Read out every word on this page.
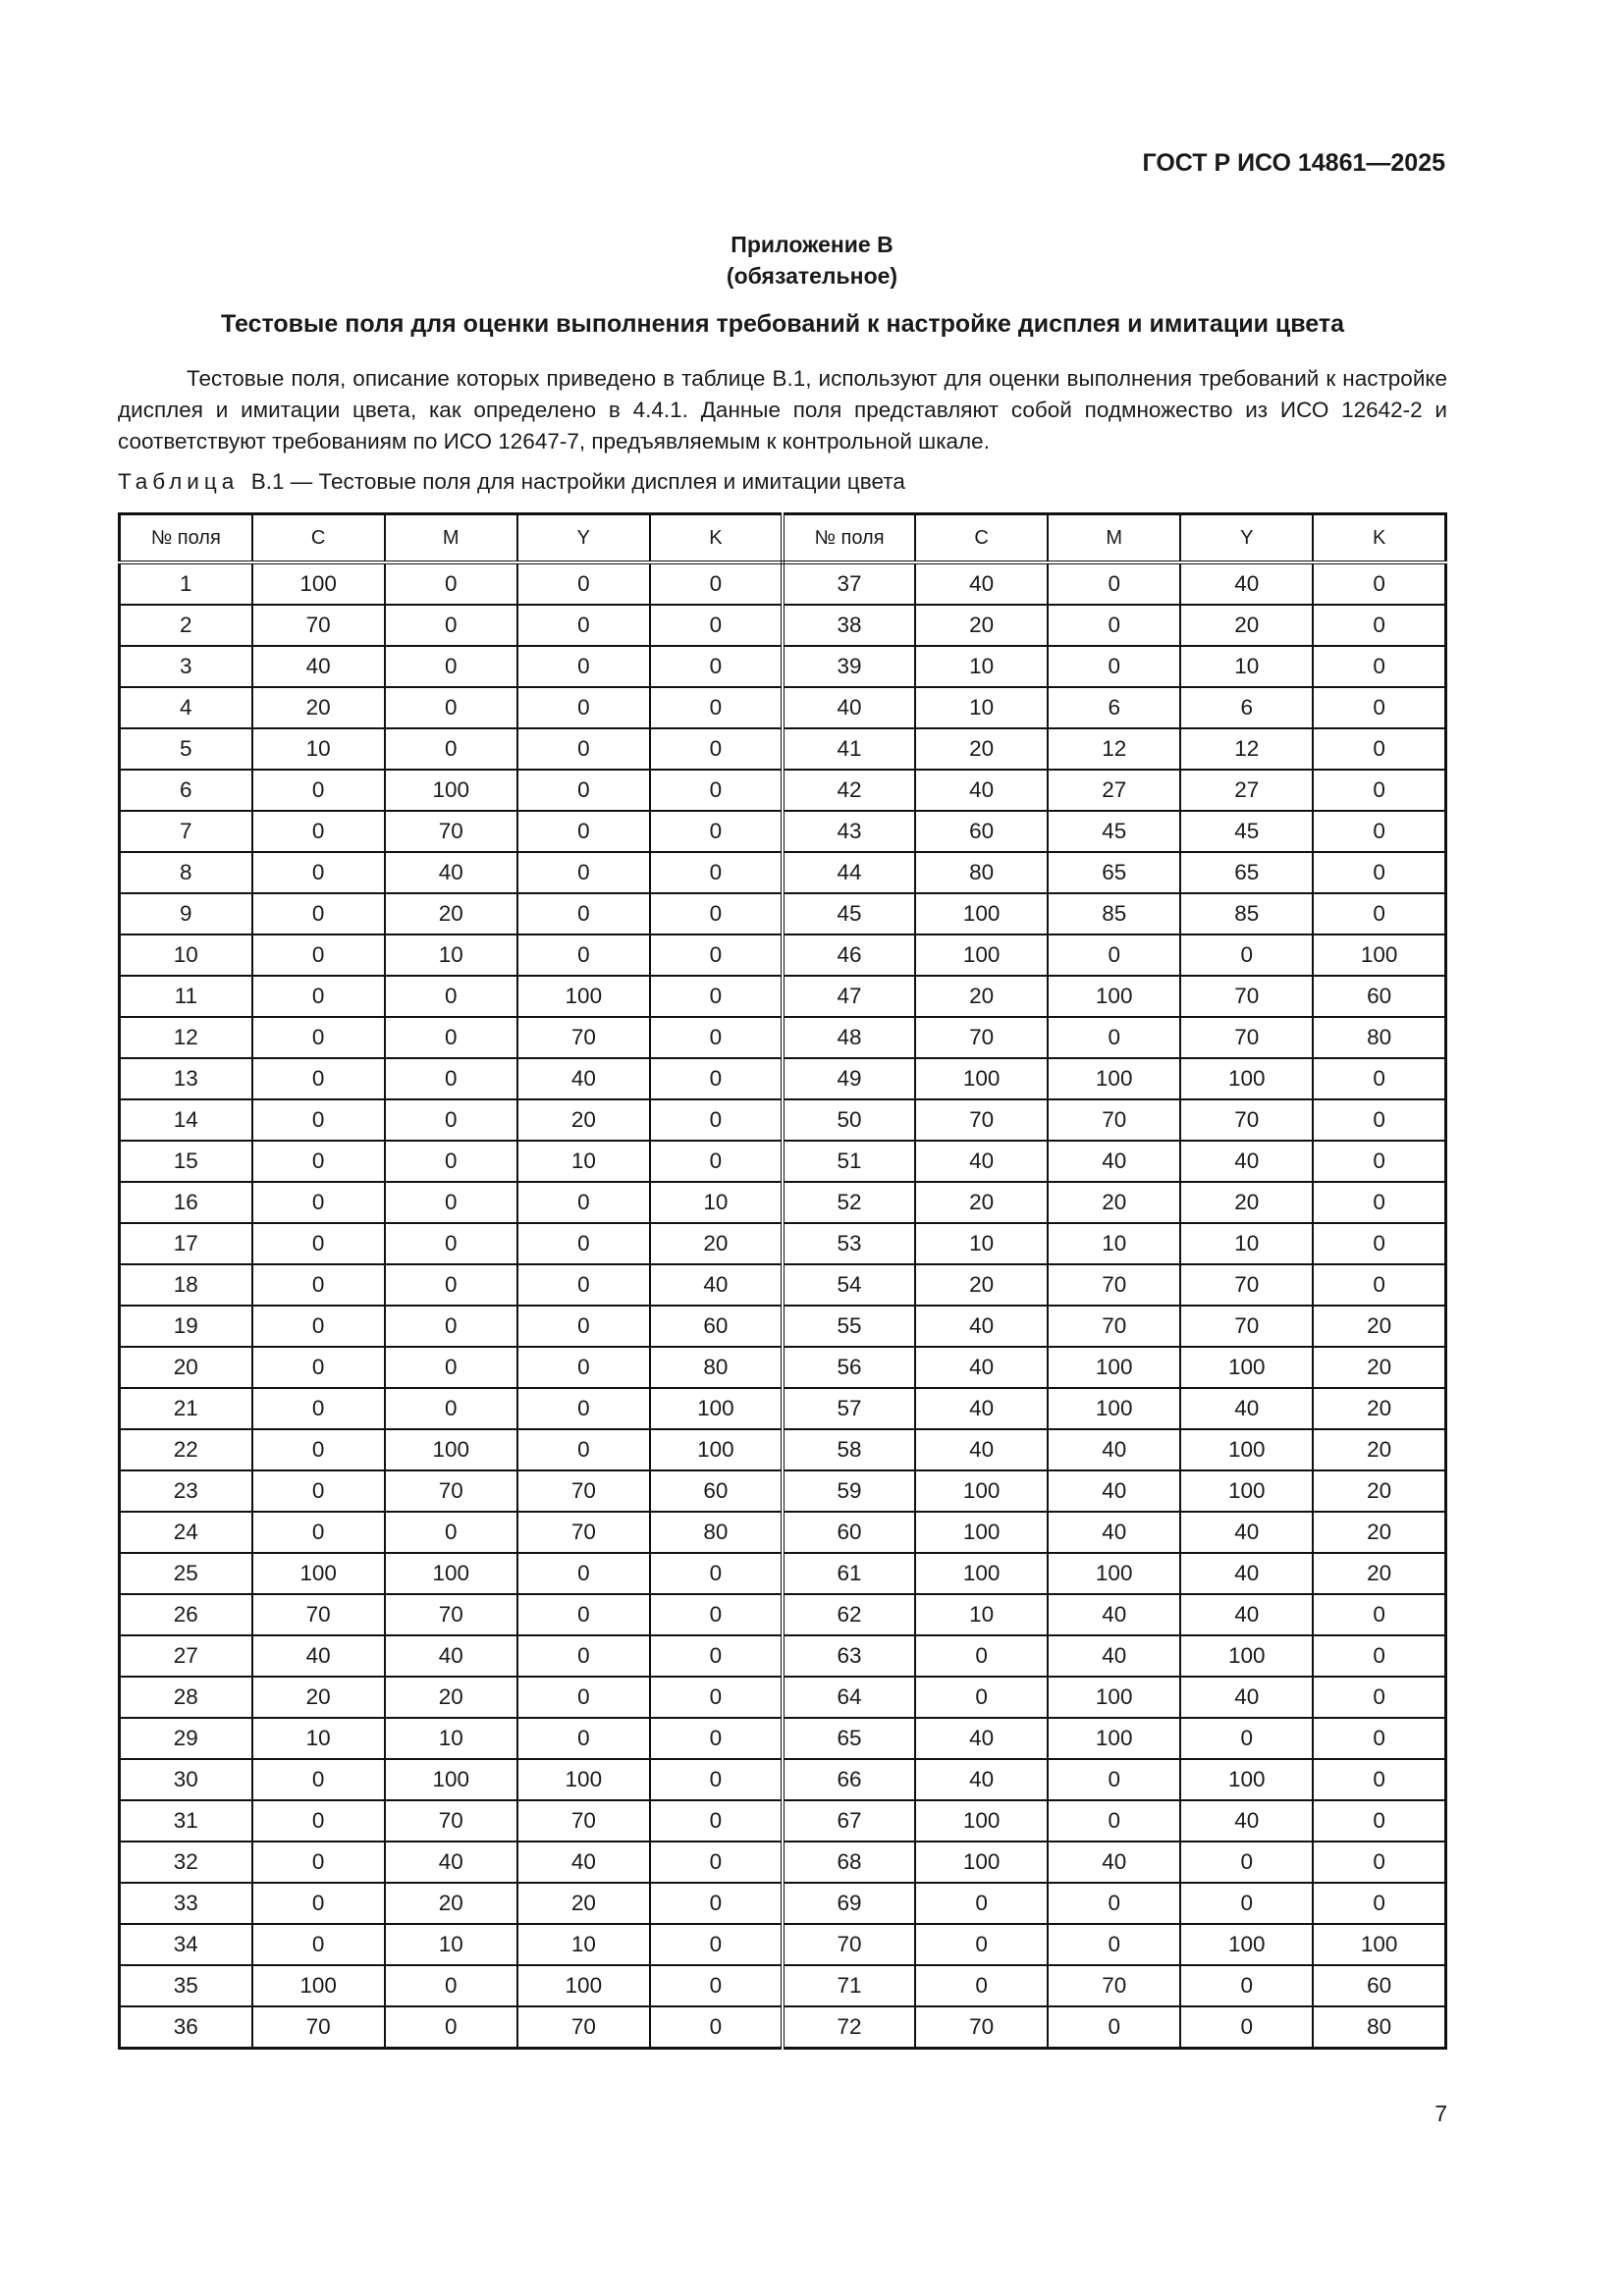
ГОСТ Р ИСО 14861—2025
Приложение В
(обязательное)
Тестовые поля для оценки выполнения требований к настройке дисплея и имитации цвета

Тестовые поля, описание которых приведено в таблице В.1, используют для оценки выполнения требований к настройке дисплея и имитации цвета, как определено в 4.4.1. Данные поля представляют собой подмножество из ИСО 12642-2 и соответствуют требованиям по ИСО 12647-7, предъявляемым к контрольной шкале.

Таблица В.1 — Тестовые поля для настройки дисплея и имитации цвета
№ поля	C	M	Y	K	№ поля	C	M	Y	K
1	100	0	0	0	37	40	0	40	0
2	70	0	0	0	38	20	0	20	0
3	40	0	0	0	39	10	0	10	0
4	20	0	0	0	40	10	6	6	0
5	10	0	0	0	41	20	12	12	0
6	0	100	0	0	42	40	27	27	0
7	0	70	0	0	43	60	45	45	0
8	0	40	0	0	44	80	65	65	0
9	0	20	0	0	45	100	85	85	0
10	0	10	0	0	46	100	0	0	100
11	0	0	100	0	47	20	100	70	60
12	0	0	70	0	48	70	0	70	80
13	0	0	40	0	49	100	100	100	0
14	0	0	20	0	50	70	70	70	0
15	0	0	10	0	51	40	40	40	0
16	0	0	0	10	52	20	20	20	0
17	0	0	0	20	53	10	10	10	0
18	0	0	0	40	54	20	70	70	0
19	0	0	0	60	55	40	70	70	20
20	0	0	0	80	56	40	100	100	20
21	0	0	0	100	57	40	100	40	20
22	0	100	0	100	58	40	40	100	20
23	0	70	70	60	59	100	40	100	20
24	0	0	70	80	60	100	40	40	20
25	100	100	0	0	61	100	100	40	20
26	70	70	0	0	62	10	40	40	0
27	40	40	0	0	63	0	40	100	0
28	20	20	0	0	64	0	100	40	0
29	10	10	0	0	65	40	100	0	0
30	0	100	100	0	66	40	0	100	0
31	0	70	70	0	67	100	0	40	0
32	0	40	40	0	68	100	40	0	0
33	0	20	20	0	69	0	0	0	0
34	0	10	10	0	70	0	0	100	100
35	100	0	100	0	71	0	70	0	60
36	70	0	70	0	72	70	0	0	80
7
